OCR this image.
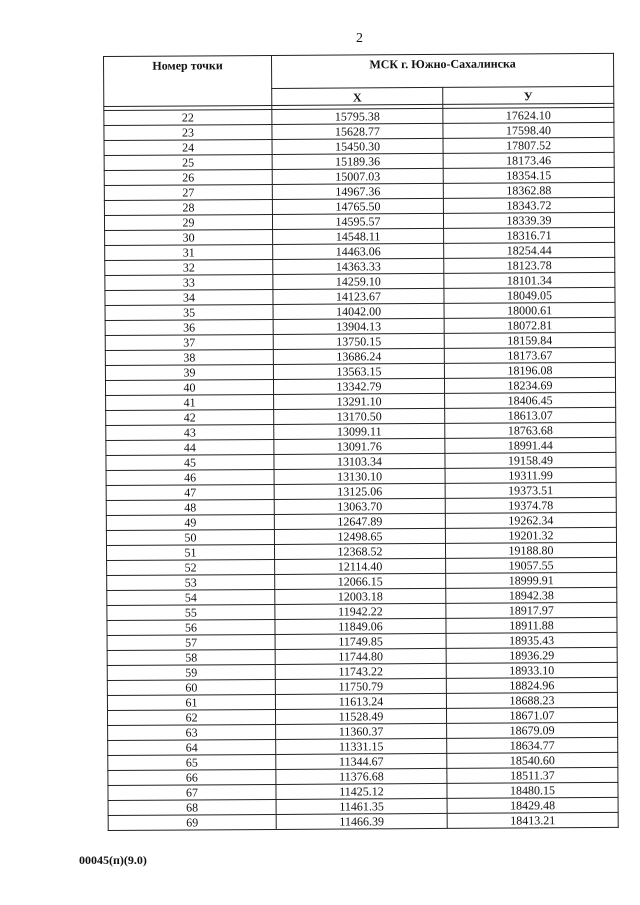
2
Номер точки	МСК г. Южно-Сахалинска	
	X	У

22	15795.38	17624.10
23	15628.77	17598.40
24	15450.30	17807.52
25	15189.36	18173.46
26	15007.03	18354.15
27	14967.36	18362.88
28	14765.50	18343.72
29	14595.57	18339.39
30	14548.11	18316.71
31	14463.06	18254.44
32	14363.33	18123.78
33	14259.10	18101.34
34	14123.67	18049.05
35	14042.00	18000.61
36	13904.13	18072.81
37	13750.15	18159.84
38	13686.24	18173.67
39	13563.15	18196.08
40	13342.79	18234.69
41	13291.10	18406.45
42	13170.50	18613.07
43	13099.11	18763.68
44	13091.76	18991.44
45	13103.34	19158.49
46	13130.10	19311.99
47	13125.06	19373.51
48	13063.70	19374.78
49	12647.89	19262.34
50	12498.65	19201.32
51	12368.52	19188.80
52	12114.40	19057.55
53	12066.15	18999.91
54	12003.18	18942.38
55	11942.22	18917.97
56	11849.06	18911.88
57	11749.85	18935.43
58	11744.80	18936.29
59	11743.22	18933.10
60	11750.79	18824.96
61	11613.24	18688.23
62	11528.49	18671.07
63	11360.37	18679.09
64	11331.15	18634.77
65	11344.67	18540.60
66	11376.68	18511.37
67	11425.12	18480.15
68	11461.35	18429.48
69	11466.39	18413.21
00045(п)(9.0)
